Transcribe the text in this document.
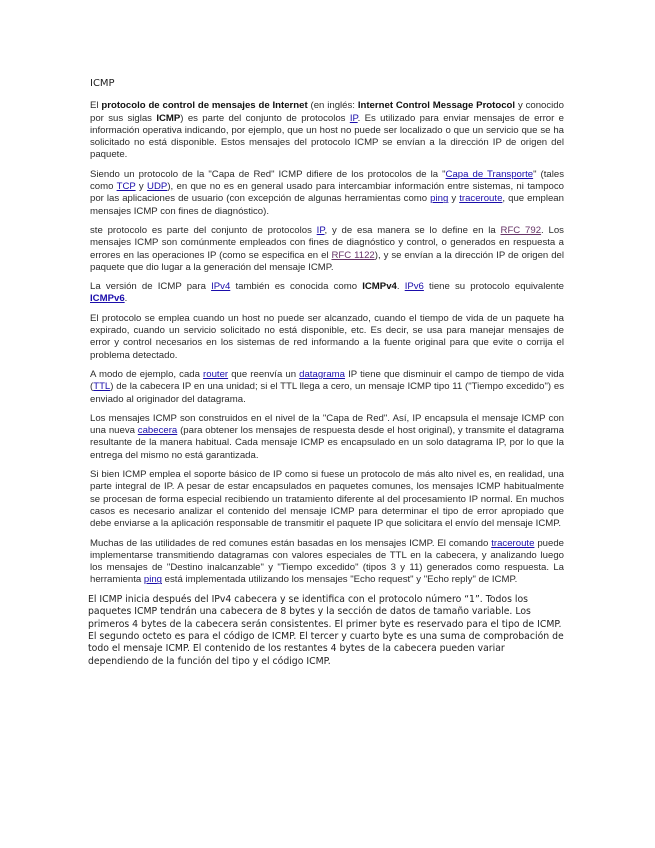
ICMP

El protocolo de control de mensajes de Internet (en inglés: Internet Control Message Protocol y conocido por sus siglas ICMP) es parte del conjunto de protocolos IP. Es utilizado para enviar mensajes de error e información operativa indicando, por ejemplo, que un host no puede ser localizado o que un servicio que se ha solicitado no está disponible. Estos mensajes del protocolo ICMP se envían a la dirección IP de origen del paquete.

Siendo un protocolo de la "Capa de Red" ICMP difiere de los protocolos de la "Capa de Transporte" (tales como TCP y UDP), en que no es en general usado para intercambiar información entre sistemas, ni tampoco por las aplicaciones de usuario (con excepción de algunas herramientas como ping y traceroute, que emplean mensajes ICMP con fines de diagnóstico).

ste protocolo es parte del conjunto de protocolos IP, y de esa manera se lo define en la RFC 792. Los mensajes ICMP son comúnmente empleados con fines de diagnóstico y control, o generados en respuesta a errores en las operaciones IP (como se especifica en el RFC 1122), y se envían a la dirección IP de origen del paquete que dio lugar a la generación del mensaje ICMP.

La versión de ICMP para IPv4 también es conocida como ICMPv4. IPv6 tiene su protocolo equivalente ICMPv6.

El protocolo se emplea cuando un host no puede ser alcanzado, cuando el tiempo de vida de un paquete ha expirado, cuando un servicio solicitado no está disponible, etc. Es decir, se usa para manejar mensajes de error y control necesarios en los sistemas de red informando a la fuente original para que evite o corrija el problema detectado.

A modo de ejemplo, cada router que reenvía un datagrama IP tiene que disminuir el campo de tiempo de vida (TTL) de la cabecera IP en una unidad; si el TTL llega a cero, un mensaje ICMP tipo 11 ("Tiempo excedido") es enviado al originador del datagrama.

Los mensajes ICMP son construidos en el nivel de la "Capa de Red". Así, IP encapsula el mensaje ICMP con una nueva cabecera (para obtener los mensajes de respuesta desde el host original), y transmite el datagrama resultante de la manera habitual. Cada mensaje ICMP es encapsulado en un solo datagrama IP, por lo que la entrega del mismo no está garantizada.

Si bien ICMP emplea el soporte básico de IP como si fuese un protocolo de más alto nivel es, en realidad, una parte integral de IP. A pesar de estar encapsulados en paquetes comunes, los mensajes ICMP habitualmente se procesan de forma especial recibiendo un tratamiento diferente al del procesamiento IP normal. En muchos casos es necesario analizar el contenido del mensaje ICMP para determinar el tipo de error apropiado que debe enviarse a la aplicación responsable de transmitir el paquete IP que solicitara el envío del mensaje ICMP.

Muchas de las utilidades de red comunes están basadas en los mensajes ICMP. El comando traceroute puede implementarse transmitiendo datagramas con valores especiales de TTL en la cabecera, y analizando luego los mensajes de "Destino inalcanzable" y "Tiempo excedido" (tipos 3 y 11) generados como respuesta. La herramienta ping está implementada utilizando los mensajes "Echo request" y "Echo reply" de ICMP.

El ICMP inicia después del IPv4 cabecera y se identifica con el protocolo número “1”. Todos los paquetes ICMP tendrán una cabecera de 8 bytes y la sección de datos de tamaño variable. Los primeros 4 bytes de la cabecera serán consistentes. El primer byte es reservado para el tipo de ICMP. El segundo octeto es para el código de ICMP. El tercer y cuarto byte es una suma de comprobación de todo el mensaje ICMP. El contenido de los restantes 4 bytes de la cabecera pueden variar dependiendo de la función del tipo y el código ICMP.
